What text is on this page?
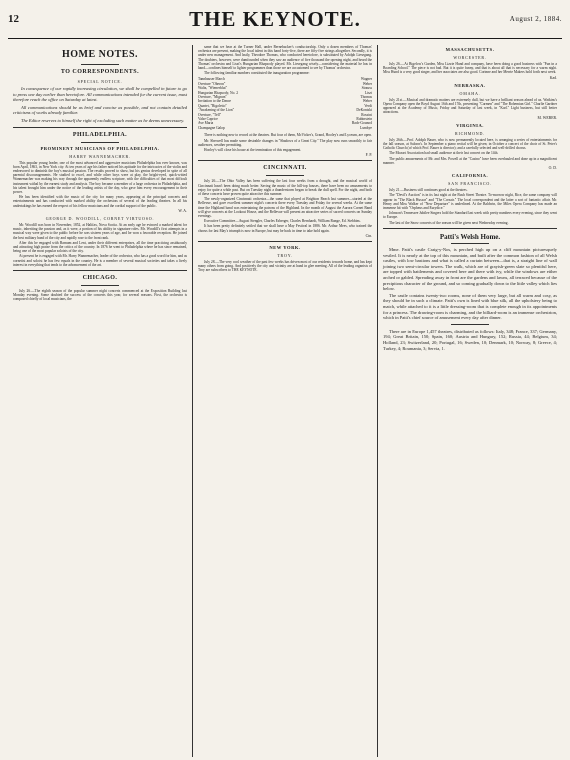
12	THE KEYNOTE.	August 2, 1884.
HOME NOTES.
TO CORRESPONDENTS.
SPECIAL NOTICE.
In consequence of our rapidly increasing circulation, we shall be compelled in future to go to press one day earlier than heretofore. All communications intended for the current issue, must therefore reach the office on Saturday at latest.
All communications should be as brief and concise as possible, and not contain detailed criticisms of works already familiar.
The Editor reserves to himself the right of excluding such matter as he deems unnecessary.
PHILADELPHIA.
PROMINENT MUSICIANS OF PHILADELPHIA.
HARRY WANNEMACHER.

This popular young leader, one of the most advanced and aggressive musicians Philadelphia has ever known, was born April, 1863, in New York city. At ten years of age his father noticed his aptitude for the intricacies of the violin and endeavored to diminish the boy's musical passion. The results proved to show, but his genius developed in spite of all parental discouragements. He studied to excel, and while other boys were at play, the bright-eyed, quick-witted Wannemacher was making his way through the apparently endless scripture, with the difficulties of that most difficult instrument withal by the earnest study and analysis. The boy became a member of a large orchestra in Philadelphia, and his talent brought him under the notice of the leading artists of the day, who gave him every encouragement in their power.

He has been identified with the music of the city for many years, appearing at the principal concerts and entertainments and has conducted with marked ability the orchestras of several of the leading theatres. In all his undertakings he has earned the respect of his fellow musicians and the cordial support of the public.

W. A.
GEORGE D. WOODILL, CORNET VIRTUOSO.

Mr. Woodill was born in November, 1852, at Halifax, Nova Scotia. At an early age he evinced a marked talent for music, inheriting the passion and, as it were, a portion of his ability in signature roles. Mr. Woodill's first attempts in a musical way were given to the public before he was sixteen years of age, and he won a favorable reception. He joined the best military band of the city and rapidly rose to the front rank.

After this he engaged with Barnum and Lent, under their different enterprises, all the time practicing assiduously and attracting high praise from the critics of the country. In 1876 he went to Philadelphia where he has since remained, being one of the most popular soloists of the city.

At present he is engaged with Mr. Harry Wannemacher, leader of the orchestra, who has a good word for him, and as cornetist and soloist he has few equals in the country. He is a member of several musical societies and takes a lively interest in everything that tends to the advancement of the art.

CHICAGO.

July 26.—The eighth season of the popular summer night concerts commenced at the Exposition Building last Monday evening. Some doubted the success of the concerts this year, for several reasons. First, the orchestra is composed chiefly of local musicians, the

same that we hear at the Turner Hall, under Bernebacker's conductorship. Only a dozen members of Thomas' orchestra are present, making the local talent in this band forty-five, there are fifty-five strings altogether. Secondly, it is under new management. And lastly, Theodore Thomas, who conducted heretofore, is substituted by Adolph Liesegang. The doubters, however, were dumfounded when they saw an audience of five thousand the opening night, and heard the Thomas' orchestra and Liszt's Hungarian Rhapsody played. Mr. Liesegang wisely—considering the material he has in hand—confines himself to lighter programmes than those we are accustomed to see by Thomas' orchestra.

The following familiar numbers constituted the inauguration programme:

Tannhauser March	Wagner
Overture "Oberon"	Weber
Waltz, "Wienerblut"	Strauss
Hungarian Rhapsody, No. 2	Liszt
Overture, "Mignon"	Thomas
Invitation to the Dance	Weber
Quartet, "Rigoletto"	Verdi
"Awakening of the Lion"	DeKontski
Overture, "Tell"	Rossini
Valse Caprice	Rubinstein
Ave Maria	Bach-Gounod
Champagne Galop	Lumbye

There is nothing new to record at the theatres. But four of them, McVicker's, Grand, Hooley's and Lyceum, are open.

Mr. Sherwell has made some desirable changes in "Shadows of a Great City." The play now runs smoothly to fair audiences, weather permitting.

Hooley's will close his house at the termination of this engagement.

F. P.
CINCINNATI.

July 26.—The Ohio Valley has been suffering the last four weeks from a drought, and the musical world of Cincinnati hasn't been doing much better. Saving the music of the hill-top houses, there have been no amusements to enjoy for quite a while past. But on Tuesday night a thunderstorm began to break the dull spell. For the night, and both of these concerts have proven quite attractive this summer.

The newly-organized Cincinnati orchestra—the same that played at Brighton Beach last summer—started at the Bellevue, and gave excellent summer night's concerts there every Tuesday and Friday for several weeks. At the same time the Highland band was entertaining the patrons of the Highland. In the month of August the Aurora Cornet Band will give concerts at the Lookout House, and the Bellevue will present an attractive series of sacred concerts on Sunday evenings.

Executive Committee—August Stengler, Charles Esberger, Charles Bernhardt, William Runge, Ed. Stebbins.

It has been pretty definitely settled that we shall have a May Festival in 1886. Mr. Arthur Mees, who trained the chorus for last May's triumph is now in Europe, but may be back in time to take hold again.

Cin.
NEW YORK.
TROY.

July 28.—The very cool weather of the past few weeks has driven most of our residents towards home, and has kept many others from going. And positively the city and vicinity are at hand in glee meeting. All of the leading organists of Troy are subscribers to THE KEYNOTE.

MASSACHUSETTS.
WORCESTER.

July 26.—At Bigelow's Garden, Miss Lizzie Hund and company, have been doing a good business with "Fun in a Boarding School." The piece is not bad. But it is quite funny, and that is about all that is necessary for a warm night. Miss Hund is a very good singer, and her associates are also good. Corinne and her Merrie Makers hold forth next week.

Kad.
NEBRASKA.
OMAHA.

July 21st.—Musical and dramatic matters are extremely dull, but we have a brilliant season ahead of us. Watkins's Opera Company open the Boyd August 16th and 17th, presenting "Carmen" and "The Bohemian Girl." Charlie Gardner appeared at the Academy of Music, Friday and Saturday of last week, in "Karl." Light business, but still better attractions.

M. WEBER.
VIRGINIA.
RICHMOND.

July 26th.—Prof. Adolph Bauer, who is now permanently located here, is arranging a series of entertainments for the fall season, at Saloon's. In September a piano recital will be given; in October a concert of the choir of St. Peter's Catholic Church (of which Prof. Bauer is director); and a carefully selected and well-drilled chorus.

The Mozart Association had small audience at their last concert on the 14th.

The public amusements of Mr. and Mrs. Powell at the "Casino" have been overhauled and done up in a magnificent manner.

O. D.
CALIFORNIA.
SAN FRANCISCO.

July 21.—Business still continues good at the theatres.

The "Devil's Auction" is in its last night at the Bush Street Theatre. To-morrow night, Rice, the same company will appear in "The Black Hussar" and "The Corsair." The local correspondent and the latter a sort of fantastic affair. Mr. Henry and Miss Walker of "New Departure" is underlined. At the Baldwin, the Miles Opera Company has made an immense hit with "Orpheus and Eurydice."

Johnson's Tennessee Jubilee Singers hold the Standard last week with pretty numbers every evening, since they went to Europe.

The last of the Snow concerts of the season will be given next Wednesday evening.

Patti's Welsh Home.

Mme. Patti's castle Craig-y-Nos, is perched high up on a cliff mountain picturesquely vestled. It is nearly at the top of this mountain, and built after the common fashion of all Welsh castles, with low bastions and what is called a curtain between—that is, a straight line of wall joining two semi-circular towers. The walk, which are of grayish-green slate so plentiful here, are topped with battlements and covered here and there with ivy, while the windows are either arched or gabled. Spreading away in front are the gardens and lawns, all terraced because of the precipitous character of the ground, and so coming gradually down to the little valley which lies below.

The castle contains twenty-two rooms, none of them very large, but all warm and cosy, as they should be in such a climate. Patti's own is lined with blue silk, all the upholstery being to match, while attached to it is a little dressing-room that is complete enough in its appointments for a princess. The drawing-room is charming, and the billiard-room is an immense orchestrion, which in Patti's chief source of amusement every day after dinner.

There are in Europe 1,457 theatres, distributed as follows: Italy, 348; France, 337; Germany, 194; Great Britain, 150; Spain, 160; Austria and Hungary, 152; Russia, 44; Belgium, 34; Holland, 23; Switzerland, 20; Portugal, 16; Sweden, 10; Denmark, 10; Norway, 8; Greece, 4; Turkey, 4; Roumania, 3; Servia, 1.
